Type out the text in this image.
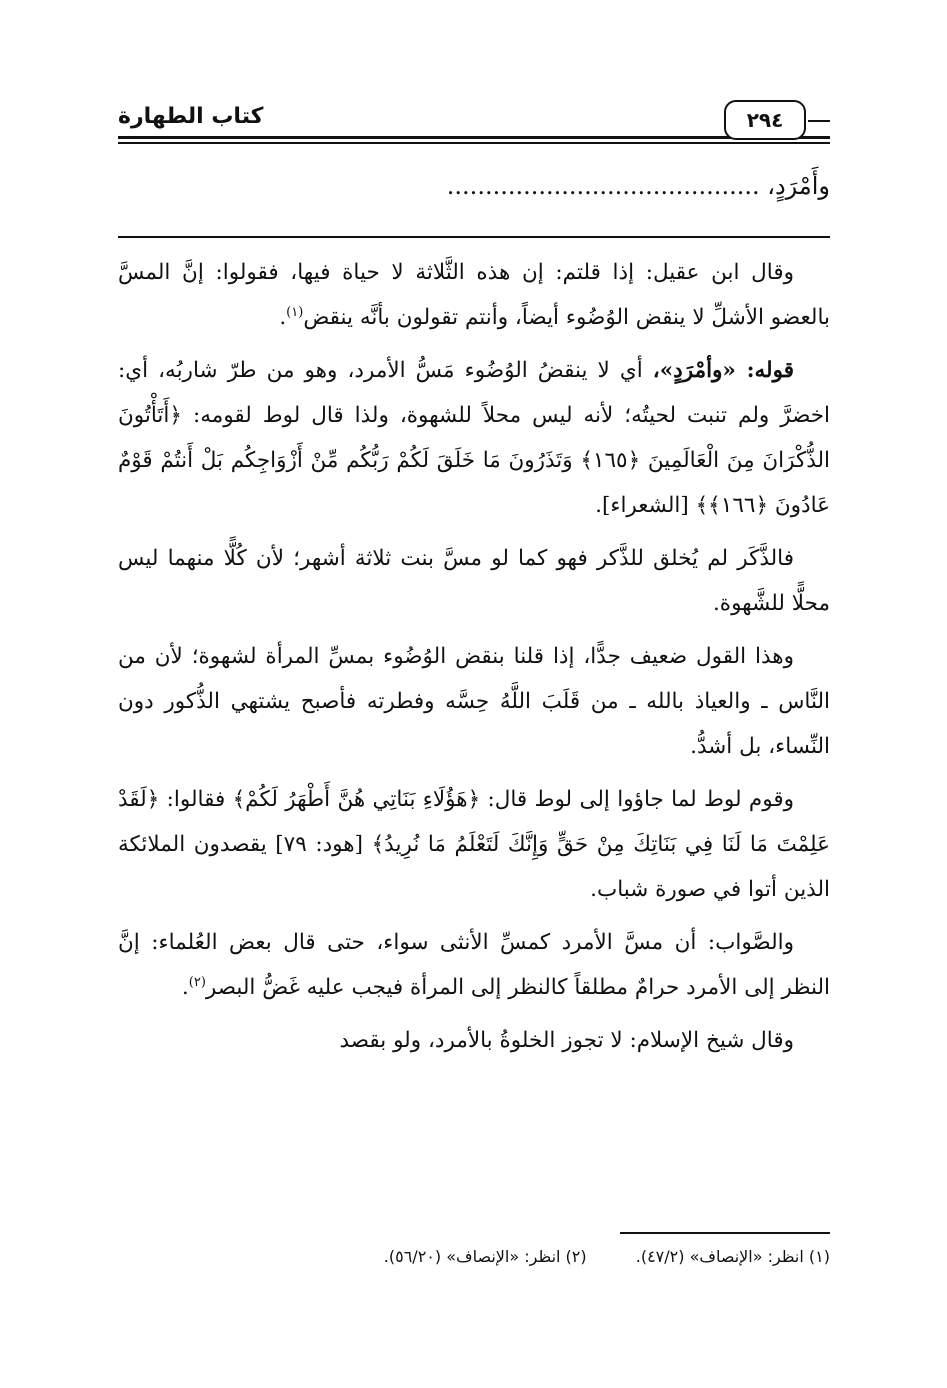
كتاب الطهارة	٢٩٤
وأَمْرَدٍ، .........................................

وقال ابن عقيل: إذا قلتم: إن هذه الثَّلاثة لا حياة فيها، فقولوا: إنَّ المسَّ بالعضو الأشلِّ لا ينقض الوُضُوء أيضاً، وأنتم تقولون بأنَّه ينقض$^{(١)}$.

قوله: «وأمْرَدٍ»، أي لا ينقضُ الوُضُوء مَسُّ الأمرد، وهو من طرّ شاربُه، أي: اخضرَّ ولم تنبت لحيتُه؛ لأنه ليس محلاً للشهوة، ولذا قال لوط لقومه: ﴿أَتَأْتُونَ الذُّكْرَانَ مِنَ الْعَالَمِينَ ﴿١٦٥﴾ وَتَذَرُونَ مَا خَلَقَ لَكُمْ رَبُّكُم مِّنْ أَزْوَاجِكُم بَلْ أَنتُمْ قَوْمٌ عَادُونَ ﴿١٦٦﴾﴾ [الشعراء].

فالذَّكَر لم يُخلق للذَّكر فهو كما لو مسَّ بنت ثلاثة أشهر؛ لأن كُلًّا منهما ليس محلًّا للشَّهوة.

وهذا القول ضعيف جدًّا، إذا قلنا بنقض الوُضُوء بمسِّ المرأة لشهوة؛ لأن من النَّاس ـ والعياذ بالله ـ من قَلَبَ اللَّهُ حِسَّه وفطرته فأصبح يشتهي الذُّكور دون النِّساء، بل أشدُّ.

وقوم لوط لما جاؤوا إلى لوط قال: ﴿هَؤُلَاءِ بَنَاتِي هُنَّ أَطْهَرُ لَكُمْ﴾ فقالوا: ﴿لَقَدْ عَلِمْتَ مَا لَنَا فِي بَنَاتِكَ مِنْ حَقٍّ وَإِنَّكَ لَتَعْلَمُ مَا نُرِيدُ﴾ [هود: ٧٩] يقصدون الملائكة الذين أتوا في صورة شباب.

والصَّواب: أن مسَّ الأمرد كمسِّ الأنثى سواء، حتى قال بعض العُلماء: إنَّ النظر إلى الأمرد حرامٌ مطلقاً كالنظر إلى المرأة فيجب عليه غَضُّ البصر$^{(٢)}$.

وقال شيخ الإسلام: لا تجوز الخلوةُ بالأمرد، ولو بقصد

(١) انظر: «الإنصاف» (٤٧/٢). (٢) انظر: «الإنصاف» (٥٦/٢٠).
